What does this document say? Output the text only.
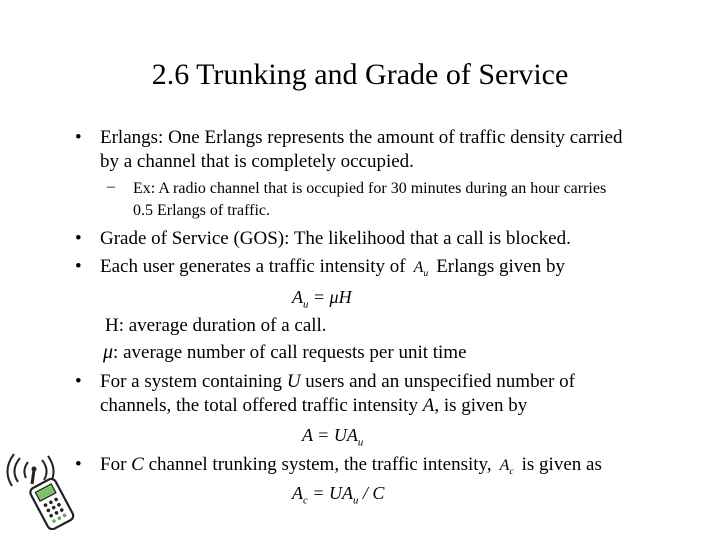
2.6 Trunking and Grade of Service
• Erlangs: One Erlangs represents the amount of traffic density carried
by a channel that is completely occupied.
– Ex: A radio channel that is occupied for 30 minutes during an hour carries
0.5 Erlangs of traffic.
• Grade of Service (GOS): The likelihood that a call is blocked.
• Each user generates a traffic intensity of $A_u$ Erlangs given by
$A_u = \mu H$
H: average duration of a call.
μ: average number of call requests per unit time
• For a system containing U users and an unspecified number of
channels, the total offered traffic intensity A, is given by
$A = UA_u$
• For C channel trunking system, the traffic intensity, $A_c$ is given as
$A_c = UA_u / C$
